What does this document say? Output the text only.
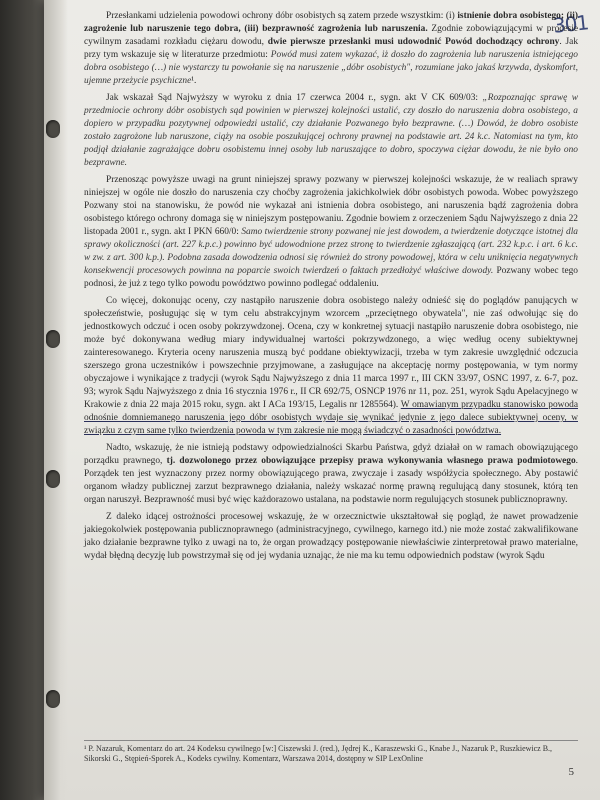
301

Przesłankami udzielenia powodowi ochrony dóbr osobistych są zatem przede wszystkim: (i) istnienie dobra osobistego; (ii) zagrożenie lub naruszenie tego dobra, (iii) bezprawność zagrożenia lub naruszenia. Zgodnie zobowiązującymi w procesie cywilnym zasadami rozkładu ciężaru dowodu, dwie pierwsze przesłanki musi udowodnić Powód dochodzący ochrony. Jak przy tym wskazuje się w literaturze przedmiotu: Powód musi zatem wykazać, iż doszło do zagrożenia lub naruszenia istniejącego dobra osobistego (…) nie wystarczy tu powołanie się na naruszenie „dóbr osobistych", rozumiane jako jakaś krzywda, dyskomfort, ujemne przeżycie psychiczne¹.

Jak wskazał Sąd Najwyższy w wyroku z dnia 17 czerwca 2004 r., sygn. akt V CK 609/03: „Rozpoznając sprawę w przedmiocie ochrony dóbr osobistych sąd powinien w pierwszej kolejności ustalić, czy doszło do naruszenia dobra osobistego, a dopiero w przypadku pozytywnej odpowiedzi ustalić, czy działanie Pozwanego było bezprawne. (…) Dowód, że dobro osobiste zostało zagrożone lub naruszone, ciąży na osobie poszukującej ochrony prawnej na podstawie art. 24 k.c. Natomiast na tym, kto podjął działanie zagrażające dobru osobistemu innej osoby lub naruszające to dobro, spoczywa ciężar dowodu, że nie było ono bezprawne.

Przenosząc powyższe uwagi na grunt niniejszej sprawy pozwany w pierwszej kolejności wskazuje, że w realiach sprawy niniejszej w ogóle nie doszło do naruszenia czy choćby zagrożenia jakichkolwiek dóbr osobistych powoda. Wobec powyższego Pozwany stoi na stanowisku, że powód nie wykazał ani istnienia dobra osobistego, ani naruszenia bądź zagrożenia dobra osobistego którego ochrony domaga się w niniejszym postępowaniu. Zgodnie bowiem z orzeczeniem Sądu Najwyższego z dnia 22 listopada 2001 r., sygn. akt I PKN 660/0: Samo twierdzenie strony pozwanej nie jest dowodem, a twierdzenie dotyczące istotnej dla sprawy okoliczności (art. 227 k.p.c.) powinno być udowodnione przez stronę to twierdzenie zgłaszającą (art. 232 k.p.c. i art. 6 k.c. w zw. z art. 300 k.p.). Podobna zasada dowodzenia odnosi się również do strony powodowej, która w celu uniknięcia negatywnych konsekwencji procesowych powinna na poparcie swoich twierdzeń o faktach przedłożyć właściwe dowody. Pozwany wobec tego podnosi, że już z tego tylko powodu powództwo powinno podlegać oddaleniu.

Co więcej, dokonując oceny, czy nastąpiło naruszenie dobra osobistego należy odnieść się do poglądów panujących w społeczeństwie, posługując się w tym celu abstrakcyjnym wzorcem „przeciętnego obywatela", nie zaś odwołując się do jednostkowych odczuć i ocen osoby pokrzywdzonej. Ocena, czy w konkretnej sytuacji nastąpiło naruszenie dobra osobistego, nie może być dokonywana według miary indywidualnej wartości pokrzywdzonego, a więc według oceny subiektywnej zainteresowanego. Kryteria oceny naruszenia muszą być poddane obiektywizacji, trzeba w tym zakresie uwzględnić odczucia szerszego grona uczestników i powszechnie przyjmowane, a zasługujące na akceptację normy postępowania, w tym normy obyczajowe i wynikające z tradycji (wyrok Sądu Najwyższego z dnia 11 marca 1997 r., III CKN 33/97, OSNC 1997, z. 6-7, poz. 93; wyrok Sądu Najwyższego z dnia 16 stycznia 1976 r., II CR 692/75, OSNCP 1976 nr 11, poz. 251, wyrok Sądu Apelacyjnego w Krakowie z dnia 22 maja 2015 roku, sygn. akt I ACa 193/15, Legalis nr 1285564). W omawianym przypadku stanowisko powoda odnośnie domniemanego naruszenia jego dóbr osobistych wydaje się wynikać jedynie z jego dalece subiektywnej oceny, w związku z czym same tylko twierdzenia powoda w tym zakresie nie mogą świadczyć o zasadności powództwa.

Nadto, wskazuję, że nie istnieją podstawy odpowiedzialności Skarbu Państwa, gdyż działał on w ramach obowiązującego porządku prawnego, tj. dozwolonego przez obowiązujące przepisy prawa wykonywania własnego prawa podmiotowego. Porządek ten jest wyznaczony przez normy obowiązującego prawa, zwyczaje i zasady współżycia społecznego. Aby postawić organom władzy publicznej zarzut bezprawnego działania, należy wskazać normę prawną regulującą dany stosunek, którą ten organ naruszył. Bezprawność musi być więc każdorazowo ustalana, na podstawie norm regulujących stosunek publicznoprawny.

Z daleko idącej ostrożności procesowej wskazuję, że w orzecznictwie ukształtował się pogląd, że nawet prowadzenie jakiegokolwiek postępowania publicznoprawnego (administracyjnego, cywilnego, karnego itd.) nie może zostać zakwalifikowane jako działanie bezprawne tylko z uwagi na to, że organ prowadzący postępowanie niewłaściwie zinterpretował prawo materialne, wydał błędną decyzję lub powstrzymał się od jej wydania uznając, że nie ma ku temu odpowiednich podstaw (wyrok Sądu

¹ P. Nazaruk, Komentarz do art. 24 Kodeksu cywilnego [w:] Ciszewski J. (red.), Jędrej K., Karaszewski G., Knabe J., Nazaruk P., Ruszkiewicz B., Sikorski G., Stępień-Sporek A., Kodeks cywilny. Komentarz, Warszawa 2014, dostępny w SIP LexOnline
5
